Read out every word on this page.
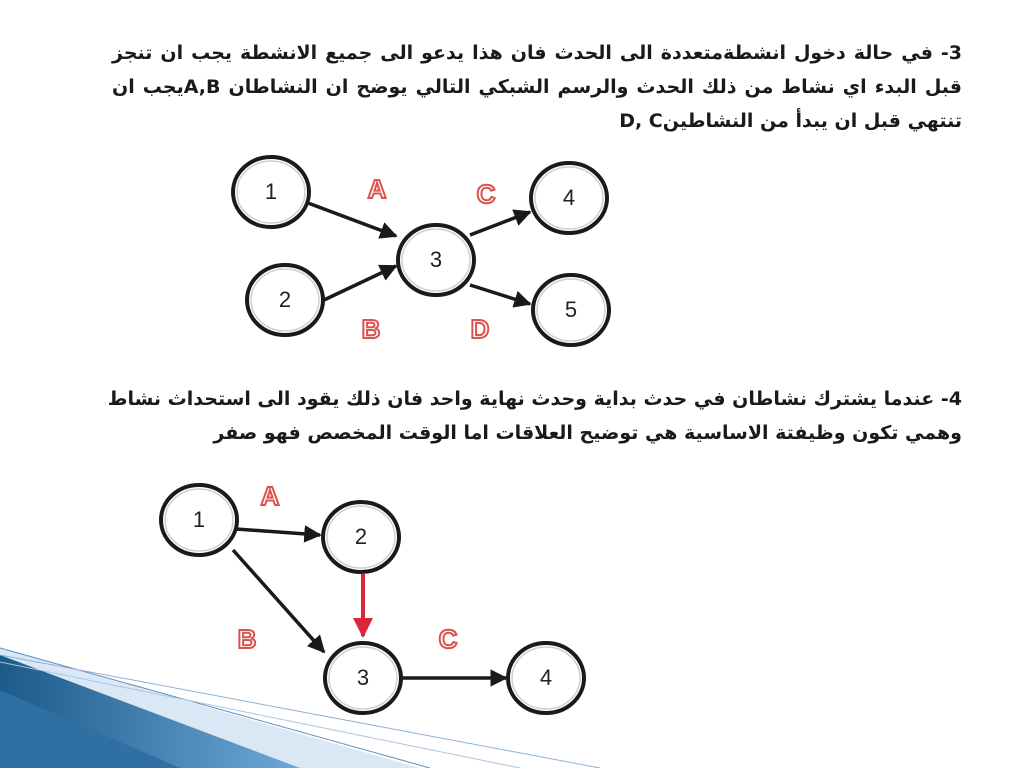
3- في حالة دخول انشطةمتعددة الى الحدث فان هذا يدعو الى جميع الانشطة يجب ان تنجز
قبل البدء اي نشاط من ذلك الحدث والرسم الشبكي التالي يوضح ان النشاطان A,Bيجب ان
تنتهي قبل ان يبدأ من النشاطينD, C
4- عندما يشترك نشاطان في حدث بداية وحدث نهاية واحد فان ذلك يقود الى استحداث نشاط
وهمي تكون وظيفتة الاساسية هي توضيح العلاقات اما الوقت المخصص فهو صفر
1
2
3
4
5
A
B
C
D
1
2
3	4
A
B	C
